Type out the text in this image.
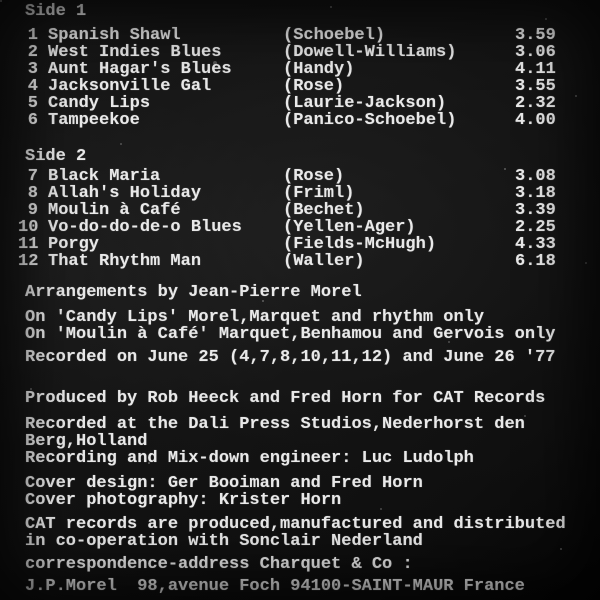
Side 1
1 Spanish Shawl	(Schoebel)	3.59
2 West Indies Blues	(Dowell-Williams)	3.06
3 Aunt Hagar's Blues	(Handy)	4.11
4 Jacksonville Gal	(Rose)	3.55
5 Candy Lips	(Laurie-Jackson)	2.32
6 Tampeekoe	(Panico-Schoebel)	4.00
Side 2
7 Black Maria	(Rose)	3.08
8 Allah's Holiday	(Friml)	3.18
9 Moulin à Café	(Bechet)	3.39
10 Vo-do-do-de-o Blues	(Yellen-Ager)	2.25
11 Porgy	(Fields-McHugh)	4.33
12 That Rhythm Man	(Waller)	6.18
Arrangements by Jean-Pierre Morel
On 'Candy Lips' Morel,Marquet and rhythm only
On 'Moulin à Café' Marquet,Benhamou and Gervois only
Recorded on June 25 (4,7,8,10,11,12) and June 26 '77
Produced by Rob Heeck and Fred Horn for CAT Records
Recorded at the Dali Press Studios,Nederhorst den
Berg,Holland
Recording and Mix-down engineer: Luc Ludolph
Cover design: Ger Booiman and Fred Horn
Cover photography: Krister Horn
CAT records are produced,manufactured and distributed
in co-operation with Sonclair Nederland
correspondence-address Charquet & Co :
J.P.Morel  98,avenue Foch 94100-SAINT-MAUR France
